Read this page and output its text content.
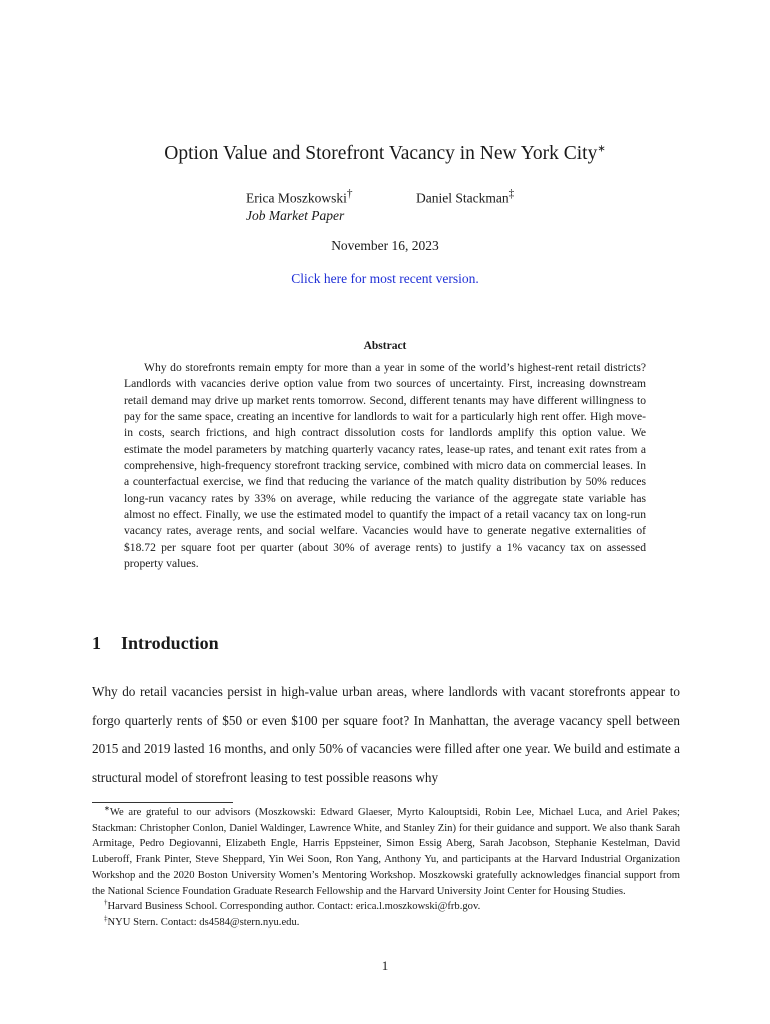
Option Value and Storefront Vacancy in New York City∗
Erica Moszkowski†	Daniel Stackman‡
Job Market Paper
November 16, 2023
Click here for most recent version.
Abstract
Why do storefronts remain empty for more than a year in some of the world’s highest-rent retail districts? Landlords with vacancies derive option value from two sources of uncertainty. First, increasing downstream retail demand may drive up market rents tomorrow. Second, different tenants may have different willingness to pay for the same space, creating an incentive for landlords to wait for a particularly high rent offer. High move-in costs, search frictions, and high contract dissolution costs for landlords amplify this option value. We estimate the model parameters by matching quarterly vacancy rates, lease-up rates, and tenant exit rates from a comprehensive, high-frequency storefront tracking service, combined with micro data on commercial leases. In a counterfactual exercise, we find that reducing the variance of the match quality distribution by 50% reduces long-run vacancy rates by 33% on average, while reducing the variance of the aggregate state variable has almost no effect. Finally, we use the estimated model to quantify the impact of a retail vacancy tax on long-run vacancy rates, average rents, and social welfare. Vacancies would have to generate negative externalities of $18.72 per square foot per quarter (about 30% of average rents) to justify a 1% vacancy tax on assessed property values.
1 Introduction
Why do retail vacancies persist in high-value urban areas, where landlords with vacant storefronts appear to forgo quarterly rents of $50 or even $100 per square foot? In Manhattan, the average vacancy spell between 2015 and 2019 lasted 16 months, and only 50% of vacancies were filled after one year. We build and estimate a structural model of storefront leasing to test possible reasons why

∗We are grateful to our advisors (Moszkowski: Edward Glaeser, Myrto Kalouptsidi, Robin Lee, Michael Luca, and Ariel Pakes; Stackman: Christopher Conlon, Daniel Waldinger, Lawrence White, and Stanley Zin) for their guidance and support. We also thank Sarah Armitage, Pedro Degiovanni, Elizabeth Engle, Harris Eppsteiner, Simon Essig Aberg, Sarah Jacobson, Stephanie Kestelman, David Luberoff, Frank Pinter, Steve Sheppard, Yin Wei Soon, Ron Yang, Anthony Yu, and participants at the Harvard Industrial Organization Workshop and the 2020 Boston University Women’s Mentoring Workshop. Moszkowski gratefully acknowledges financial support from the National Science Foundation Graduate Research Fellowship and the Harvard University Joint Center for Housing Studies.

†Harvard Business School. Corresponding author. Contact: erica.l.moszkowski@frb.gov.

‡NYU Stern. Contact: ds4584@stern.nyu.edu.

1
